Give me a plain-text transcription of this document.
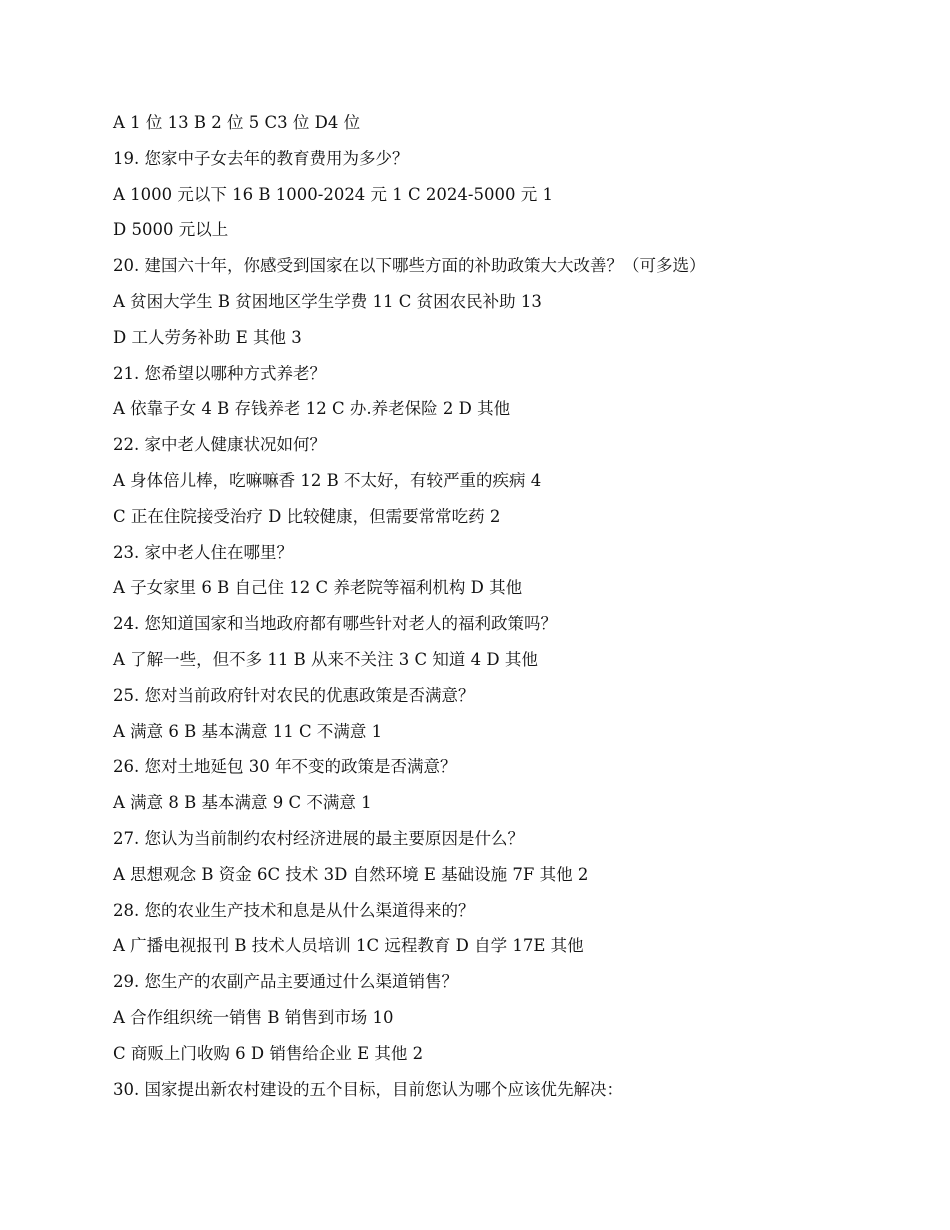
A 1 位 13 B 2 位 5 C3 位 D4 位
19. 您家中子女去年的教育费用为多少？
A 1000 元以下 16 B 1000-2024 元 1 C 2024-5000 元 1
D 5000 元以上
20. 建国六十年，你感受到国家在以下哪些方面的补助政策大大改善？（可多选）
A 贫困大学生 B 贫困地区学生学费 11 C 贫困农民补助 13
D 工人劳务补助 E 其他 3
21. 您希望以哪种方式养老？
A 依靠子女 4 B 存钱养老 12 C 办.养老保险 2 D 其他
22. 家中老人健康状况如何？
A 身体倍儿棒，吃嘛嘛香 12 B 不太好，有较严重的疾病 4
C 正在住院接受治疗 D 比较健康，但需要常常吃药 2
23. 家中老人住在哪里？
A 子女家里 6 B 自己住 12 C 养老院等福利机构 D 其他
24. 您知道国家和当地政府都有哪些针对老人的福利政策吗？
A 了解一些，但不多 11 B 从来不关注 3 C 知道 4 D 其他
25. 您对当前政府针对农民的优惠政策是否满意？
A 满意 6 B 基本满意 11 C 不满意 1
26. 您对土地延包 30 年不变的政策是否满意？
A 满意 8 B 基本满意 9 C 不满意 1
27. 您认为当前制约农村经济进展的最主要原因是什么？
A 思想观念 B 资金 6C 技术 3D 自然环境 E 基础设施 7F 其他 2
28. 您的农业生产技术和息是从什么渠道得来的？
A 广播电视报刊 B 技术人员培训 1C 远程教育 D 自学 17E 其他
29. 您生产的农副产品主要通过什么渠道销售？
A 合作组织统一销售 B 销售到市场 10
C 商贩上门收购 6 D 销售给企业 E 其他 2
30. 国家提出新农村建设的五个目标，目前您认为哪个应该优先解决：
